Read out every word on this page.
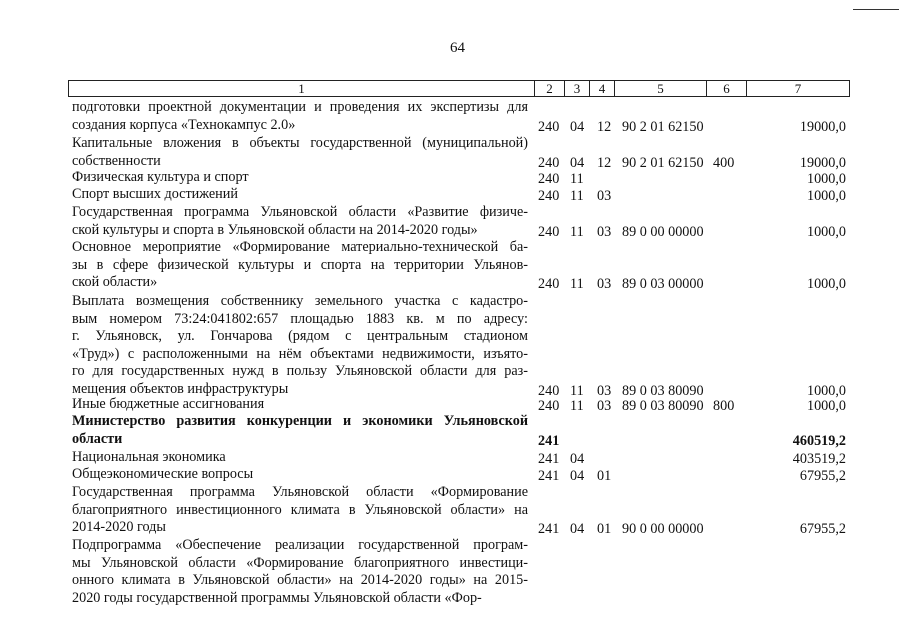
64
1	2	3	4	5	6	7
подготовки проектной документации и проведения их экспертизы для
создания корпуса «Технокампус 2.0»	240 04 12 90 2 01 62150	19000,0
Капитальные вложения в объекты государственной (муниципальной)
собственности	240 04 12 90 2 01 62150 400	19000,0
Физическая культура и спорт	240 11	1000,0
Спорт высших достижений	240 11 03	1000,0
Государственная программа Ульяновской области «Развитие физиче-
ской культуры и спорта в Ульяновской области на 2014-2020 годы»	240 11 03 89 0 00 00000	1000,0
Основное мероприятие «Формирование материально-технической ба-
зы в сфере физической культуры и спорта на территории Ульянов-
ской области»	240 11 03 89 0 03 00000	1000,0
Выплата возмещения собственнику земельного участка с кадастро-
вым номером 73:24:041802:657 площадью 1883 кв. м по адресу:
г. Ульяновск, ул. Гончарова (рядом с центральным стадионом
«Труд») с расположенными на нём объектами недвижимости, изъято-
го для государственных нужд в пользу Ульяновской области для раз-
мещения объектов инфраструктуры	240 11 03 89 0 03 80090	1000,0
Иные бюджетные ассигнования	240 11 03 89 0 03 80090 800	1000,0
Министерство развития конкуренции и экономики Ульяновской
области	241	460519,2
Национальная экономика	241 04	403519,2
Общеэкономические вопросы	241 04 01	67955,2
Государственная программа Ульяновской области «Формирование
благоприятного инвестиционного климата в Ульяновской области» на
2014-2020 годы	241 04 01 90 0 00 00000	67955,2
Подпрограмма «Обеспечение реализации государственной програм-
мы Ульяновской области «Формирование благоприятного инвестици-
онного климата в Ульяновской области» на 2014-2020 годы» на 2015-
2020 годы государственной программы Ульяновской области «Фор-
